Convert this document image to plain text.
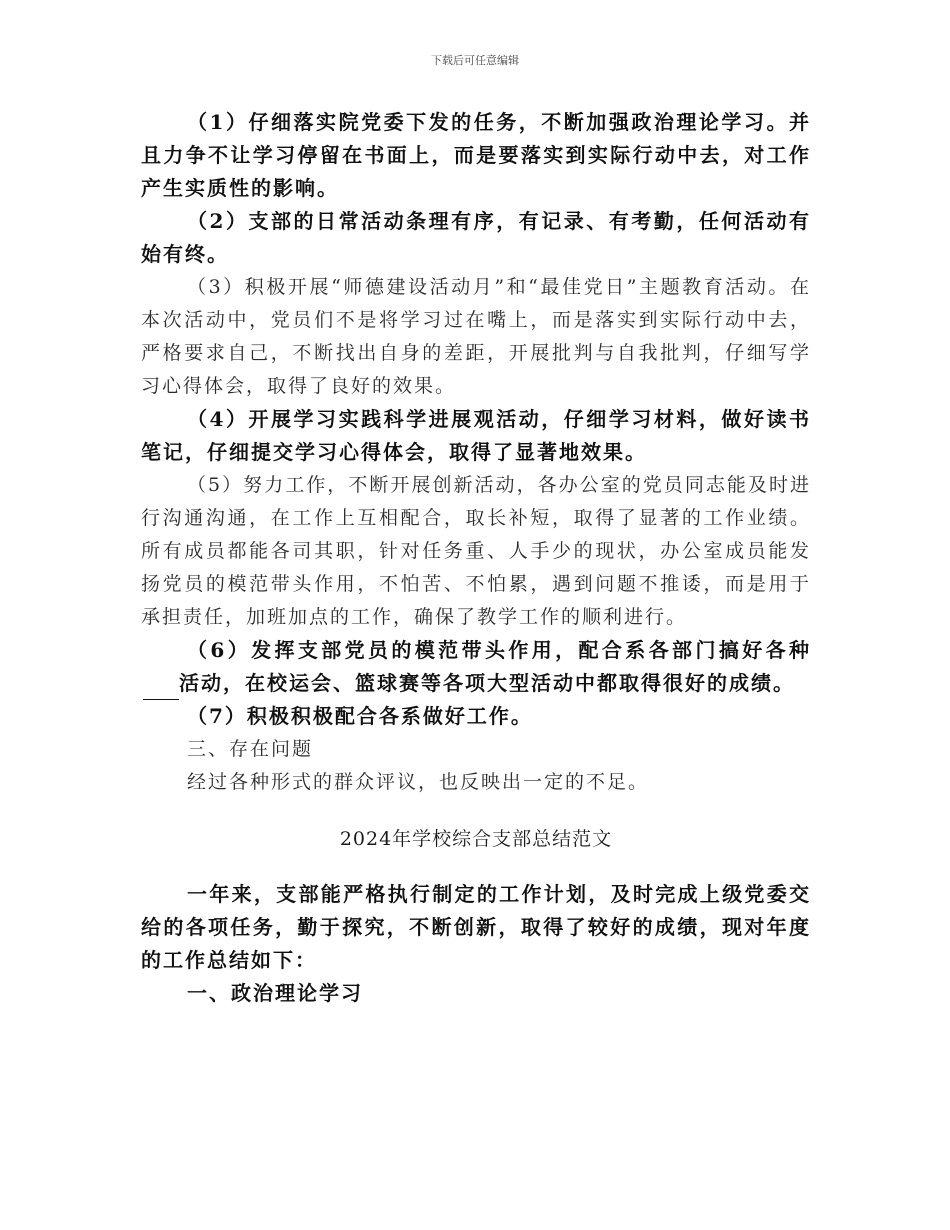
下载后可任意编辑

（1）仔细落实院党委下发的任务，不断加强政治理论学习。并且力争不让学习停留在书面上，而是要落实到实际行动中去，对工作产生实质性的影响。

（2）支部的日常活动条理有序，有记录、有考勤，任何活动有始有终。

（3）积极开展“师德建设活动月”和“最佳党日”主题教育活动。在本次活动中，党员们不是将学习过在嘴上，而是落实到实际行动中去，严格要求自己，不断找出自身的差距，开展批判与自我批判，仔细写学习心得体会，取得了良好的效果。

（4）开展学习实践科学进展观活动，仔细学习材料，做好读书笔记，仔细提交学习心得体会，取得了显著地效果。

（5）努力工作，不断开展创新活动，各办公室的党员同志能及时进行沟通沟通，在工作上互相配合，取长补短，取得了显著的工作业绩。所有成员都能各司其职，针对任务重、人手少的现状，办公室成员能发扬党员的模范带头作用，不怕苦、不怕累，遇到问题不推诿，而是用于承担责任，加班加点的工作，确保了教学工作的顺利进行。

（6）发挥支部党员的模范带头作用，配合系各部门搞好各种活动，在校运会、篮球赛等各项大型活动中都取得很好的成绩。

（7）积极积极配合各系做好工作。

三、存在问题

经过各种形式的群众评议，也反映出一定的不足。

2024年学校综合支部总结范文

一年来，支部能严格执行制定的工作计划，及时完成上级党委交给的各项任务，勤于探究，不断创新，取得了较好的成绩，现对年度的工作总结如下：

一、政治理论学习
